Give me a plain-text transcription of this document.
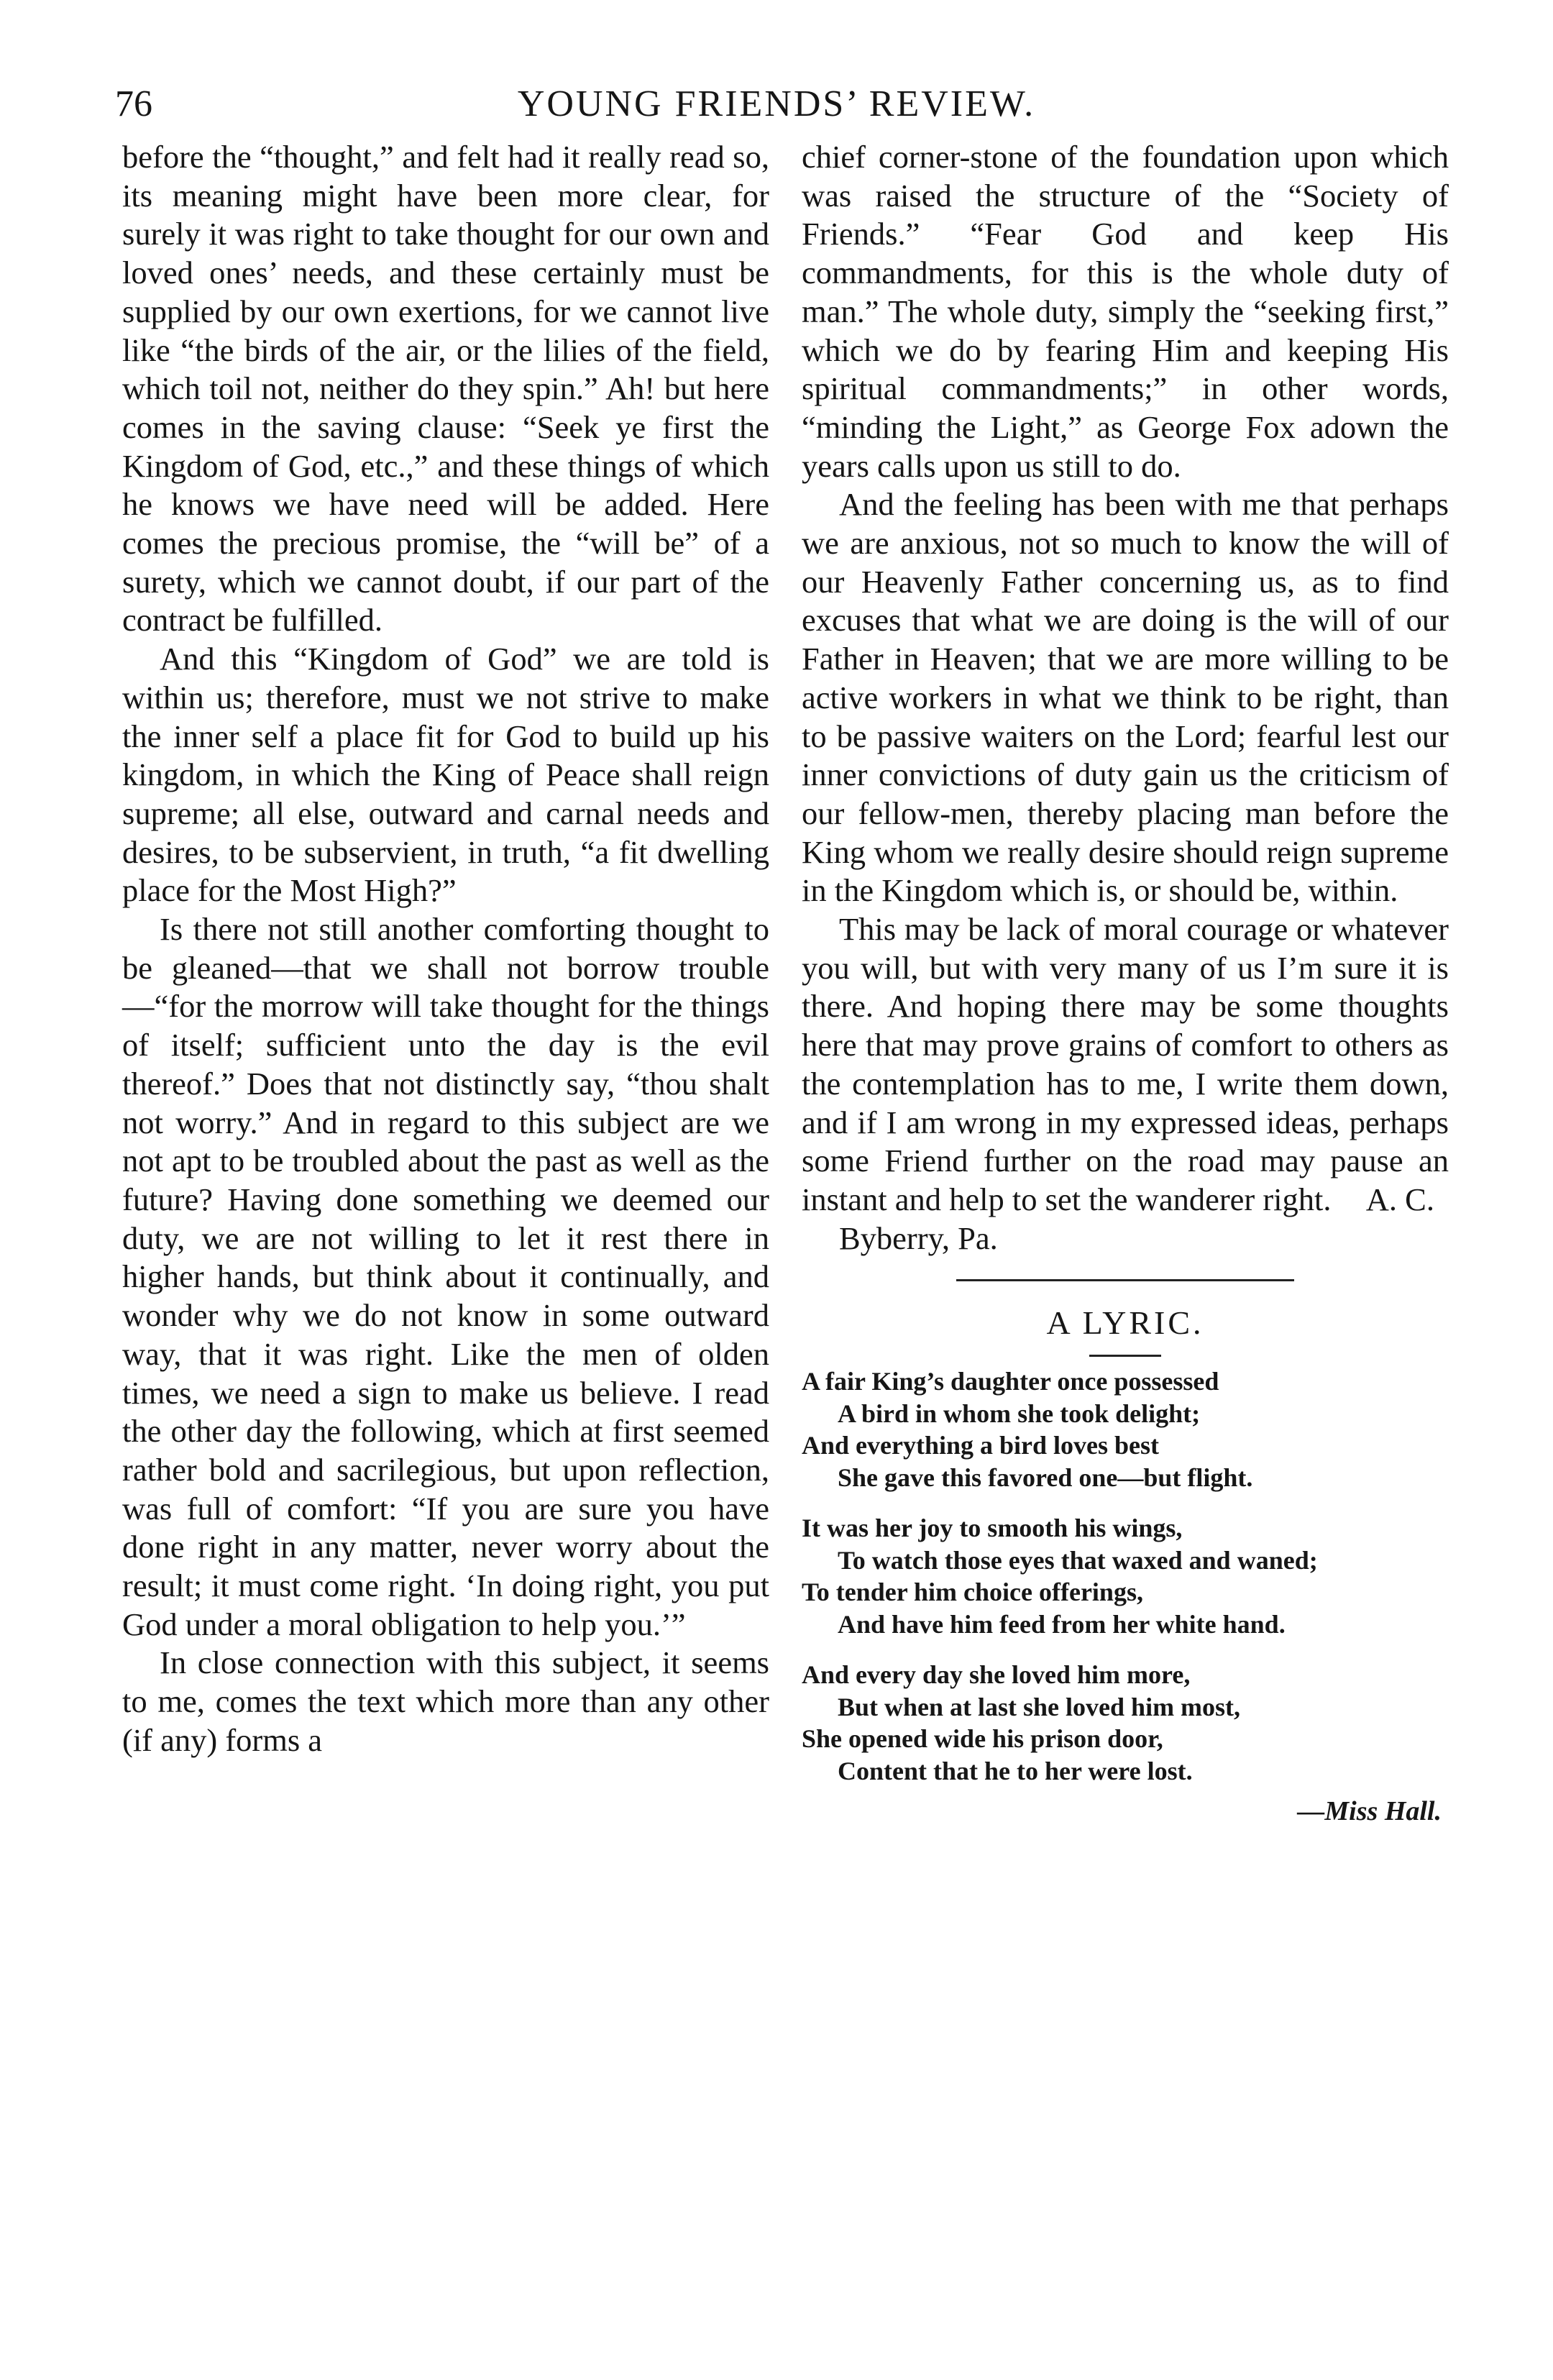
76	YOUNG FRIENDS’ REVIEW.

before the “thought,” and felt had it really read so, its meaning might have been more clear, for surely it was right to take thought for our own and loved ones’ needs, and these certainly must be supplied by our own exertions, for we cannot live like “the birds of the air, or the lilies of the field, which toil not, neither do they spin.” Ah! but here comes in the saving clause: “Seek ye first the Kingdom of God, etc.,” and these things of which he knows we have need will be added. Here comes the precious promise, the “will be” of a surety, which we cannot doubt, if our part of the contract be fulfilled.

And this “Kingdom of God” we are told is within us; therefore, must we not strive to make the inner self a place fit for God to build up his kingdom, in which the King of Peace shall reign supreme; all else, outward and carnal needs and desires, to be subservient, in truth, “a fit dwelling place for the Most High?”

Is there not still another comforting thought to be gleaned—that we shall not borrow trouble—“for the morrow will take thought for the things of itself; sufficient unto the day is the evil thereof.” Does that not distinctly say, “thou shalt not worry.” And in regard to this subject are we not apt to be troubled about the past as well as the future? Having done something we deemed our duty, we are not willing to let it rest there in higher hands, but think about it continually, and wonder why we do not know in some outward way, that it was right. Like the men of olden times, we need a sign to make us believe. I read the other day the following, which at first seemed rather bold and sacrilegious, but upon reflection, was full of comfort: “If you are sure you have done right in any matter, never worry about the result; it must come right. ‘In doing right, you put God under a moral obligation to help you.’”

In close connection with this subject, it seems to me, comes the text which more than any other (if any) forms a

chief corner-stone of the foundation upon which was raised the structure of the “Society of Friends.” “Fear God and keep His commandments, for this is the whole duty of man.” The whole duty, simply the “seeking first,” which we do by fearing Him and keeping His spiritual commandments;” in other words, “minding the Light,” as George Fox adown the years calls upon us still to do.

And the feeling has been with me that perhaps we are anxious, not so much to know the will of our Heavenly Father concerning us, as to find excuses that what we are doing is the will of our Father in Heaven; that we are more willing to be active workers in what we think to be right, than to be passive waiters on the Lord; fearful lest our inner convictions of duty gain us the criticism of our fellow-men, thereby placing man before the King whom we really desire should reign supreme in the Kingdom which is, or should be, within.

This may be lack of moral courage or whatever you will, but with very many of us I’m sure it is there. And hoping there may be some thoughts here that may prove grains of comfort to others as the contemplation has to me, I write them down, and if I am wrong in my expressed ideas, perhaps some Friend further on the road may pause an instant and help to set the wanderer right.	A. C.
Byberry, Pa.
A LYRIC.
A fair King’s daughter once possessed
A bird in whom she took delight;
And everything a bird loves best
She gave this favored one—but flight.
It was her joy to smooth his wings,
To watch those eyes that waxed and waned;
To tender him choice offerings,
And have him feed from her white hand.
And every day she loved him more,
But when at last she loved him most,
She opened wide his prison door,
Content that he to her were lost.
—Miss Hall.
